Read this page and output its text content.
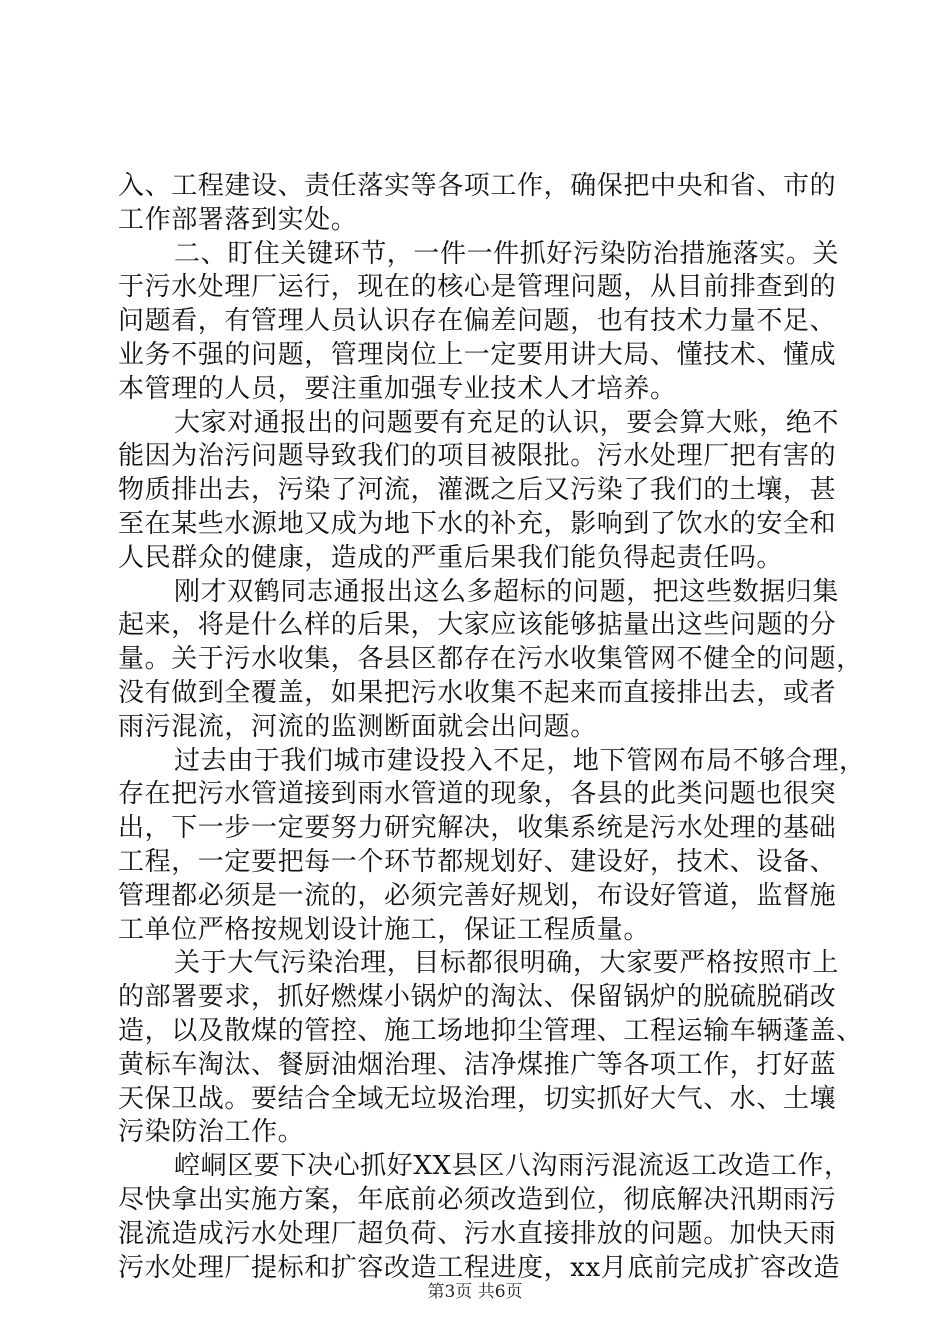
入、工程建设、责任落实等各项工作，确保把中央和省、市的
工作部署落到实处。
二、盯住关键环节，一件一件抓好污染防治措施落实。关
于污水处理厂运行，现在的核心是管理问题，从目前排查到的
问题看，有管理人员认识存在偏差问题，也有技术力量不足、
业务不强的问题，管理岗位上一定要用讲大局、懂技术、懂成
本管理的人员，要注重加强专业技术人才培养。
大家对通报出的问题要有充足的认识，要会算大账，绝不
能因为治污问题导致我们的项目被限批。污水处理厂把有害的
物质排出去，污染了河流，灌溉之后又污染了我们的土壤，甚
至在某些水源地又成为地下水的补充，影响到了饮水的安全和
人民群众的健康，造成的严重后果我们能负得起责任吗。
刚才双鹤同志通报出这么多超标的问题，把这些数据归集
起来，将是什么样的后果，大家应该能够掂量出这些问题的分
量。关于污水收集，各县区都存在污水收集管网不健全的问题，
没有做到全覆盖，如果把污水收集不起来而直接排出去，或者
雨污混流，河流的监测断面就会出问题。
过去由于我们城市建设投入不足，地下管网布局不够合理，
存在把污水管道接到雨水管道的现象，各县的此类问题也很突
出，下一步一定要努力研究解决，收集系统是污水处理的基础
工程，一定要把每一个环节都规划好、建设好，技术、设备、
管理都必须是一流的，必须完善好规划，布设好管道，监督施
工单位严格按规划设计施工，保证工程质量。
关于大气污染治理，目标都很明确，大家要严格按照市上
的部署要求，抓好燃煤小锅炉的淘汰、保留锅炉的脱硫脱硝改
造，以及散煤的管控、施工场地抑尘管理、工程运输车辆蓬盖、
黄标车淘汰、餐厨油烟治理、洁净煤推广等各项工作，打好蓝
天保卫战。要结合全域无垃圾治理，切实抓好大气、水、土壤
污染防治工作。
崆峒区要下决心抓好XX县区八沟雨污混流返工改造工作，
尽快拿出实施方案，年底前必须改造到位，彻底解决汛期雨污
混流造成污水处理厂超负荷、污水直接排放的问题。加快天雨
污水处理厂提标和扩容改造工程进度，xx月底前完成扩容改造
第3页 共6页
